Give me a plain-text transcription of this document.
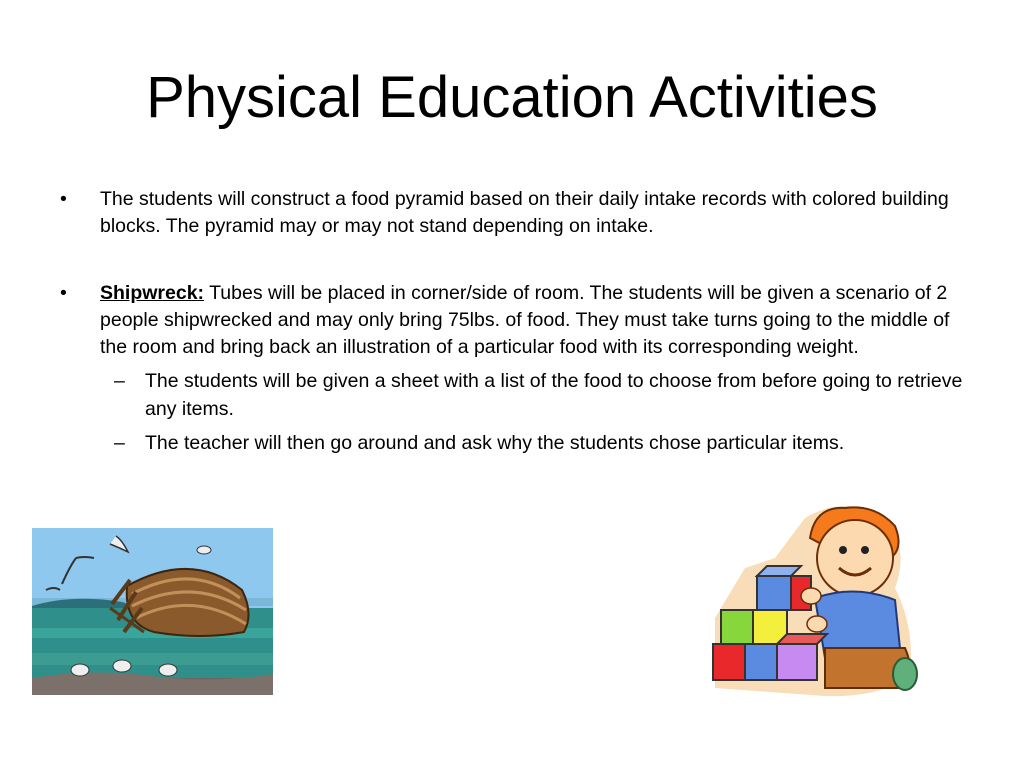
Physical Education Activities
• The students will construct a food pyramid based on their daily intake records with colored building blocks. The pyramid may or may not stand depending on intake.
• Shipwreck: Tubes will be placed in corner/side of room. The students will be given a scenario of 2 people shipwrecked and may only bring 75lbs. of food. They must take turns going to the middle of the room and bring back an illustration of a particular food with its corresponding weight.
– The students will be given a sheet with a list of the food to choose from before going to retrieve any items.
– The teacher will then go around and ask why the students chose particular items.
